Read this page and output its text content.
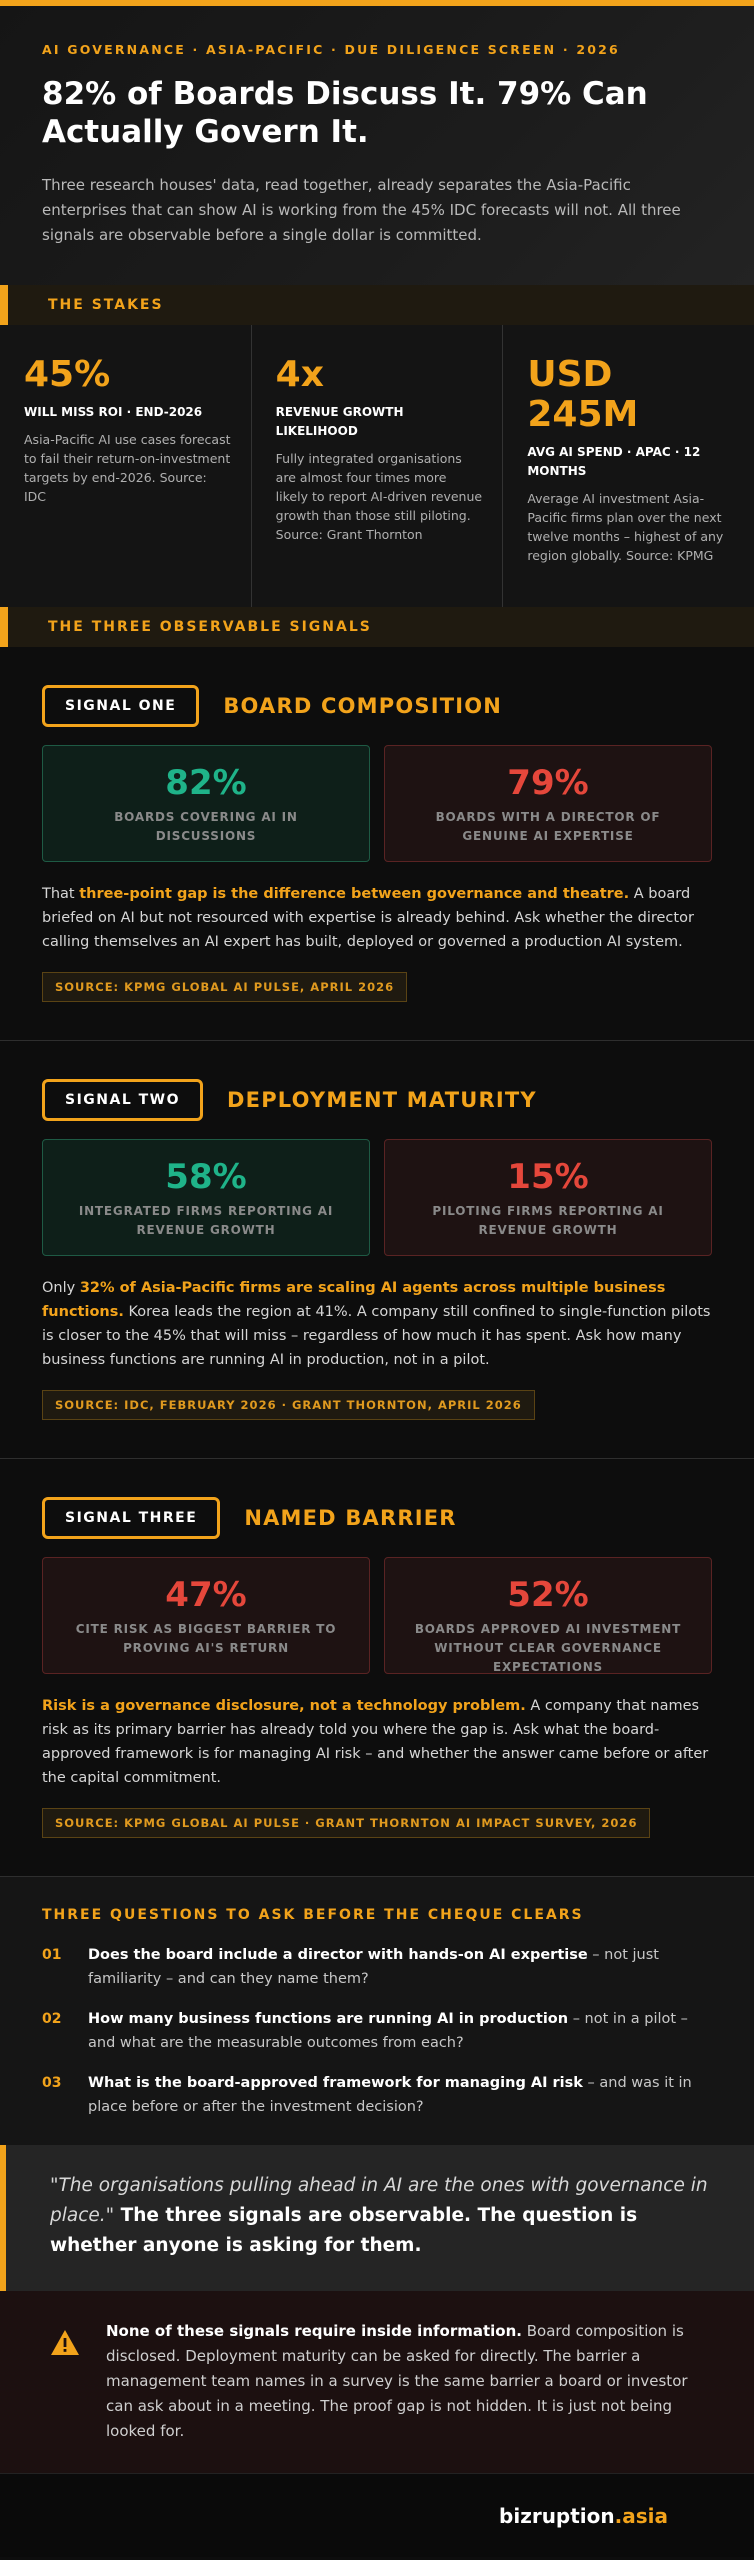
AI GOVERNANCE · ASIA-PACIFIC · DUE DILIGENCE SCREEN · 2026
82% of Boards Discuss It. 79% Can Actually Govern It.

Three research houses' data, read together, already separates the Asia-Pacific enterprises that can show AI is working from the 45% IDC forecasts will not. All three signals are observable before a single dollar is committed.

THE STAKES
45%
WILL MISS ROI · END-2026
Asia-Pacific AI use cases forecast to fail their return-on-investment targets by end-2026. Source: IDC
4x
REVENUE GROWTH LIKELIHOOD
Fully integrated organisations are almost four times more likely to report AI-driven revenue growth than those still piloting. Source: Grant Thornton
USD 245M
AVG AI SPEND · APAC · 12 MONTHS
Average AI investment Asia-Pacific firms plan over the next twelve months – highest of any region globally. Source: KPMG
THE THREE OBSERVABLE SIGNALS
SIGNAL ONE	BOARD COMPOSITION
82%
BOARDS COVERING AI IN DISCUSSIONS
79%
BOARDS WITH A DIRECTOR OF GENUINE AI EXPERTISE

That three-point gap is the difference between governance and theatre. A board briefed on AI but not resourced with expertise is already behind. Ask whether the director calling themselves an AI expert has built, deployed or governed a production AI system.

SOURCE: KPMG GLOBAL AI PULSE, APRIL 2026
SIGNAL TWO	DEPLOYMENT MATURITY
58%
INTEGRATED FIRMS REPORTING AI REVENUE GROWTH
15%
PILOTING FIRMS REPORTING AI REVENUE GROWTH

Only 32% of Asia-Pacific firms are scaling AI agents across multiple business functions. Korea leads the region at 41%. A company still confined to single-function pilots is closer to the 45% that will miss – regardless of how much it has spent. Ask how many business functions are running AI in production, not in a pilot.

SOURCE: IDC, FEBRUARY 2026 · GRANT THORNTON, APRIL 2026
SIGNAL THREE	NAMED BARRIER
47%
CITE RISK AS BIGGEST BARRIER TO PROVING AI'S RETURN
52%
BOARDS APPROVED AI INVESTMENT WITHOUT CLEAR GOVERNANCE EXPECTATIONS

Risk is a governance disclosure, not a technology problem. A company that names risk as its primary barrier has already told you where the gap is. Ask what the board-approved framework is for managing AI risk – and whether the answer came before or after the capital commitment.

SOURCE: KPMG GLOBAL AI PULSE · GRANT THORNTON AI IMPACT SURVEY, 2026
THREE QUESTIONS TO ASK BEFORE THE CHEQUE CLEARS
01	Does the board include a director with hands-on AI expertise – not just familiarity – and can they name them?
02	How many business functions are running AI in production – not in a pilot – and what are the measurable outcomes from each?
03	What is the board-approved framework for managing AI risk – and was it in place before or after the investment decision?
"The organisations pulling ahead in AI are the ones with governance in place." The three signals are observable. The question is whether anyone is asking for them.

None of these signals require inside information. Board composition is disclosed. Deployment maturity can be asked for directly. The barrier a management team names in a survey is the same barrier a board or investor can ask about in a meeting. The proof gap is not hidden. It is just not being looked for.

bizruption.asia
